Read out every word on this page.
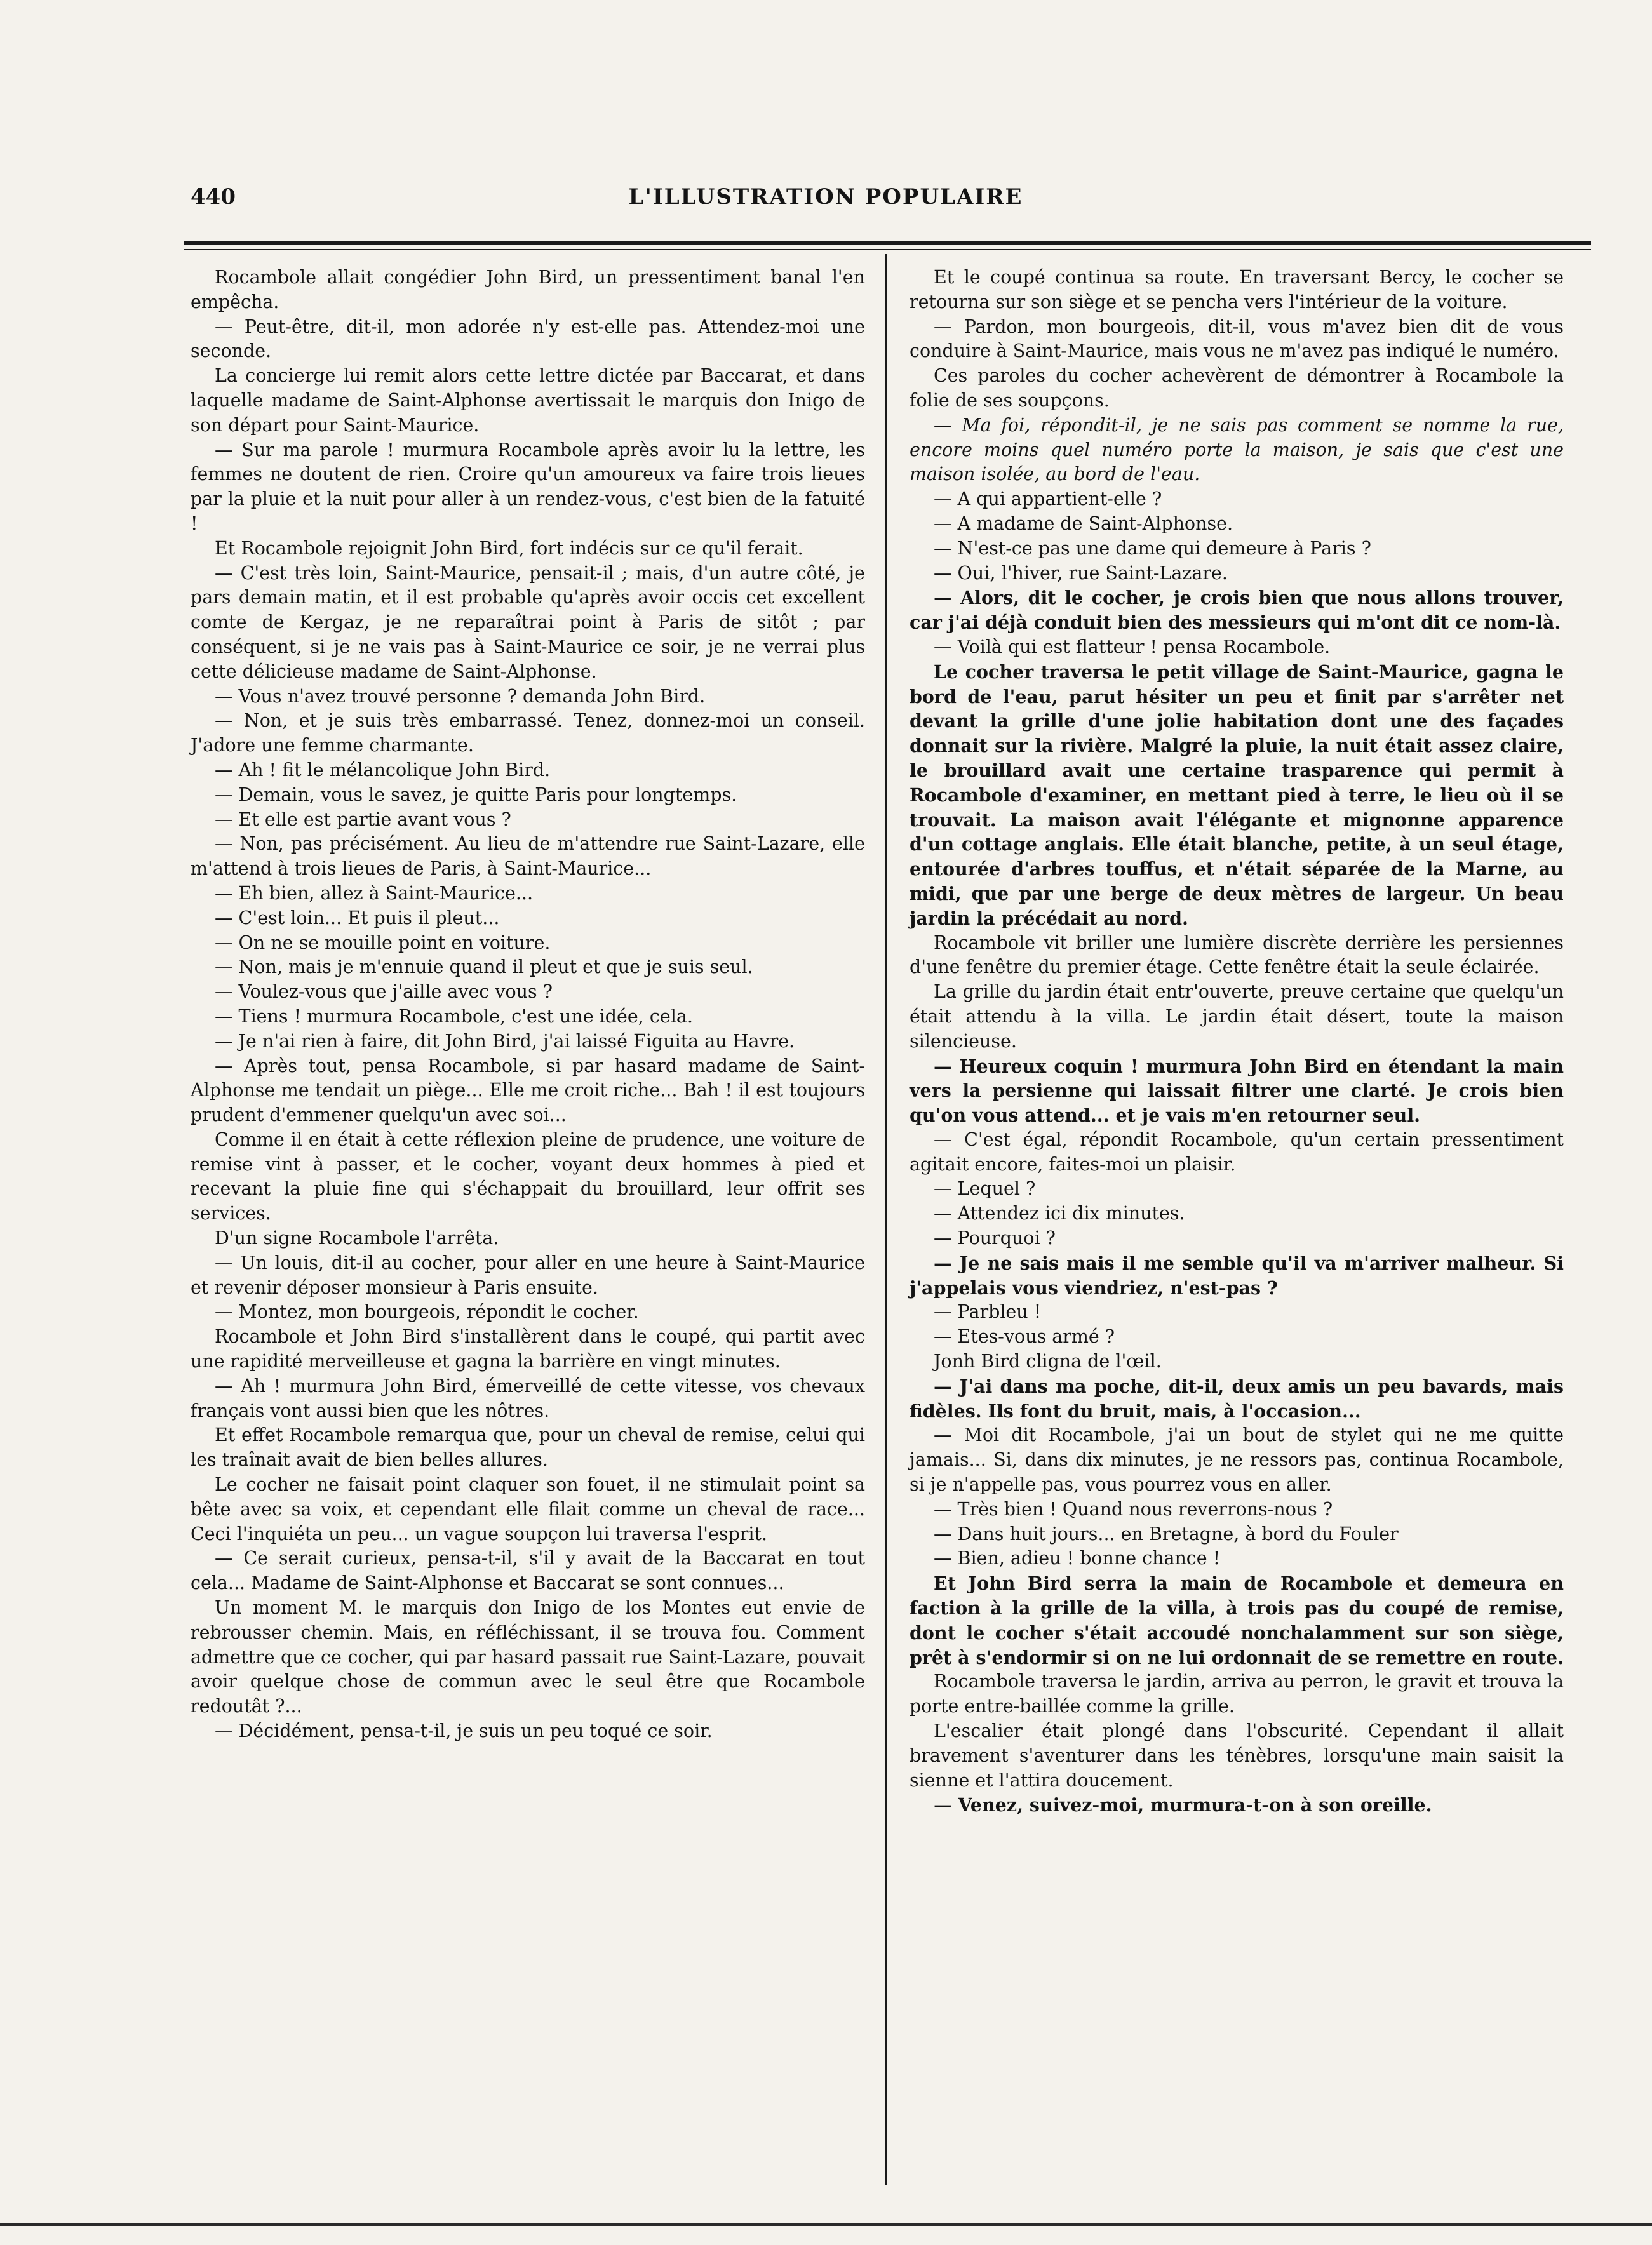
440	L'ILLUSTRATION POPULAIRE

Rocambole allait congédier John Bird, un pressentiment banal l'en empêcha.

— Peut-être, dit-il, mon adorée n'y est-elle pas. Attendez-moi une seconde.

La concierge lui remit alors cette lettre dictée par Baccarat, et dans laquelle madame de Saint-Alphonse avertissait le marquis don Inigo de son départ pour Saint-Maurice.

— Sur ma parole ! murmura Rocambole après avoir lu la lettre, les femmes ne doutent de rien. Croire qu'un amoureux va faire trois lieues par la pluie et la nuit pour aller à un rendez-vous, c'est bien de la fatuité !

Et Rocambole rejoignit John Bird, fort indécis sur ce qu'il ferait.

— C'est très loin, Saint-Maurice, pensait-il ; mais, d'un autre côté, je pars demain matin, et il est probable qu'après avoir occis cet excellent comte de Kergaz, je ne reparaîtrai point à Paris de sitôt ; par conséquent, si je ne vais pas à Saint-Maurice ce soir, je ne verrai plus cette délicieuse madame de Saint-Alphonse.

— Vous n'avez trouvé personne ? demanda John Bird.

— Non, et je suis très embarrassé. Tenez, donnez-moi un conseil. J'adore une femme charmante.

— Ah ! fit le mélancolique John Bird.

— Demain, vous le savez, je quitte Paris pour longtemps.

— Et elle est partie avant vous ?

— Non, pas précisément. Au lieu de m'attendre rue Saint-Lazare, elle m'attend à trois lieues de Paris, à Saint-Maurice...

— Eh bien, allez à Saint-Maurice...

— C'est loin... Et puis il pleut...

— On ne se mouille point en voiture.

— Non, mais je m'ennuie quand il pleut et que je suis seul.

— Voulez-vous que j'aille avec vous ?

— Tiens ! murmura Rocambole, c'est une idée, cela.

— Je n'ai rien à faire, dit John Bird, j'ai laissé Figuita au Havre.

— Après tout, pensa Rocambole, si par hasard madame de Saint-Alphonse me tendait un piège... Elle me croit riche... Bah ! il est toujours prudent d'emmener quelqu'un avec soi...

Comme il en était à cette réflexion pleine de prudence, une voiture de remise vint à passer, et le cocher, voyant deux hommes à pied et recevant la pluie fine qui s'échappait du brouillard, leur offrit ses services.

D'un signe Rocambole l'arrêta.

— Un louis, dit-il au cocher, pour aller en une heure à Saint-Maurice et revenir déposer monsieur à Paris ensuite.

— Montez, mon bourgeois, répondit le cocher.

Rocambole et John Bird s'installèrent dans le coupé, qui partit avec une rapidité merveilleuse et gagna la barrière en vingt minutes.

— Ah ! murmura John Bird, émerveillé de cette vitesse, vos chevaux français vont aussi bien que les nôtres.

Et effet Rocambole remarqua que, pour un cheval de remise, celui qui les traînait avait de bien belles allures.

Le cocher ne faisait point claquer son fouet, il ne stimulait point sa bête avec sa voix, et cependant elle filait comme un cheval de race... Ceci l'inquiéta un peu... un vague soupçon lui traversa l'esprit.

— Ce serait curieux, pensa-t-il, s'il y avait de la Baccarat en tout cela... Madame de Saint-Alphonse et Baccarat se sont connues...

Un moment M. le marquis don Inigo de los Montes eut envie de rebrousser chemin. Mais, en réfléchissant, il se trouva fou. Comment admettre que ce cocher, qui par hasard passait rue Saint-Lazare, pouvait avoir quelque chose de commun avec le seul être que Rocambole redoutât ?...

— Décidément, pensa-t-il, je suis un peu toqué ce soir.

Et le coupé continua sa route. En traversant Bercy, le cocher se retourna sur son siège et se pencha vers l'intérieur de la voiture.

— Pardon, mon bourgeois, dit-il, vous m'avez bien dit de vous conduire à Saint-Maurice, mais vous ne m'avez pas indiqué le numéro.

Ces paroles du cocher achevèrent de démontrer à Rocambole la folie de ses soupçons.

— Ma foi, répondit-il, je ne sais pas comment se nomme la rue, encore moins quel numéro porte la maison, je sais que c'est une maison isolée, au bord de l'eau.

— A qui appartient-elle ?

— A madame de Saint-Alphonse.

— N'est-ce pas une dame qui demeure à Paris ?

— Oui, l'hiver, rue Saint-Lazare.

— Alors, dit le cocher, je crois bien que nous allons trouver, car j'ai déjà conduit bien des messieurs qui m'ont dit ce nom-là.

— Voilà qui est flatteur ! pensa Rocambole.

Le cocher traversa le petit village de Saint-Maurice, gagna le bord de l'eau, parut hésiter un peu et finit par s'arrêter net devant la grille d'une jolie habitation dont une des façades donnait sur la rivière. Malgré la pluie, la nuit était assez claire, le brouillard avait une certaine trasparence qui permit à Rocambole d'examiner, en mettant pied à terre, le lieu où il se trouvait. La maison avait l'élégante et mignonne apparence d'un cottage anglais. Elle était blanche, petite, à un seul étage, entourée d'arbres touffus, et n'était séparée de la Marne, au midi, que par une berge de deux mètres de largeur. Un beau jardin la précédait au nord.

Rocambole vit briller une lumière discrète derrière les persiennes d'une fenêtre du premier étage. Cette fenêtre était la seule éclairée.

La grille du jardin était entr'ouverte, preuve certaine que quelqu'un était attendu à la villa. Le jardin était désert, toute la maison silencieuse.

— Heureux coquin ! murmura John Bird en étendant la main vers la persienne qui laissait filtrer une clarté. Je crois bien qu'on vous attend... et je vais m'en retourner seul.

— C'est égal, répondit Rocambole, qu'un certain pressentiment agitait encore, faites-moi un plaisir.

— Lequel ?

— Attendez ici dix minutes.

— Pourquoi ?

— Je ne sais mais il me semble qu'il va m'arriver malheur. Si j'appelais vous viendriez, n'est-pas ?

— Parbleu !

— Etes-vous armé ?

Jonh Bird cligna de l'œil.

— J'ai dans ma poche, dit-il, deux amis un peu bavards, mais fidèles. Ils font du bruit, mais, à l'occasion...

— Moi dit Rocambole, j'ai un bout de stylet qui ne me quitte jamais... Si, dans dix minutes, je ne ressors pas, continua Rocambole, si je n'appelle pas, vous pourrez vous en aller.

— Très bien ! Quand nous reverrons-nous ?

— Dans huit jours... en Bretagne, à bord du Fouler

— Bien, adieu ! bonne chance !

Et John Bird serra la main de Rocambole et demeura en faction à la grille de la villa, à trois pas du coupé de remise, dont le cocher s'était accoudé nonchalamment sur son siège, prêt à s'endormir si on ne lui ordonnait de se remettre en route.

Rocambole traversa le jardin, arriva au perron, le gravit et trouva la porte entre-baillée comme la grille.

L'escalier était plongé dans l'obscurité. Cependant il allait bravement s'aventurer dans les ténèbres, lorsqu'une main saisit la sienne et l'attira doucement.

— Venez, suivez-moi, murmura-t-on à son oreille.
